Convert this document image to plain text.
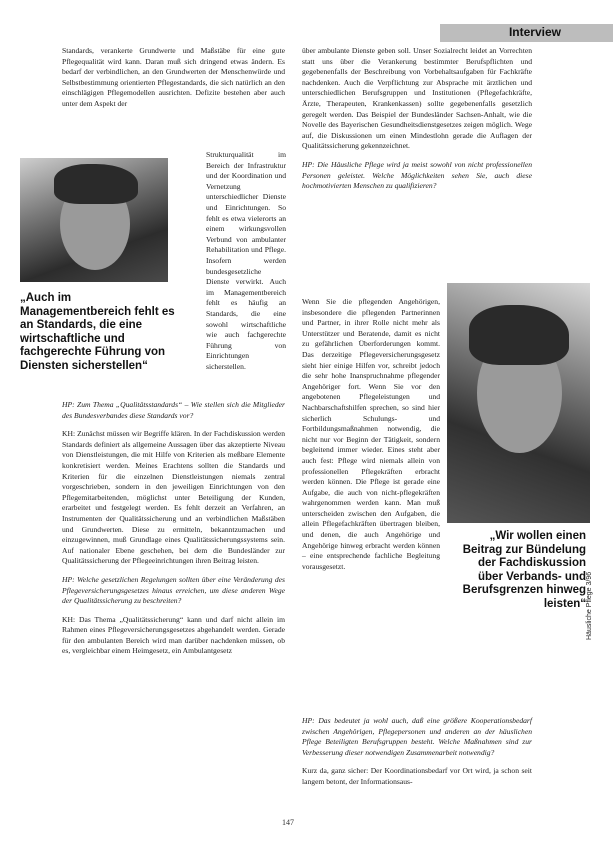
Interview

Standards, verankerte Grundwerte und Maßstäbe für eine gute Pflegequalität wird kann. Daran muß sich dringend etwas ändern. Es bedarf der verbindlichen, an den Grundwerten der Menschenwürde und Selbstbestimmung orientierten Pflegestandards, die sich natürlich an den einschlägigen Pflegemodellen ausrichten. Defizite bestehen aber auch unter dem Aspekt der

Strukturqualität im Bereich der Infrastruktur und der Koordination und Vernetzung unterschiedlicher Dienste und Einrichtungen. So fehlt es etwa vielerorts an einem wirkungsvollen Verbund von ambulanter Rehabilitation und Pflege. Insofern werden bundesgesetzliche Dienste verwirkt. Auch im Managementbereich fehlt es häufig an Standards, die eine sowohl wirtschaftliche wie auch fachgerechte Führung von Einrichtungen sicherstellen.
„Auch im Managementbereich fehlt es an Standards, die eine wirtschaftliche und fachgerechte Führung von Diensten sicherstellen“

HP: Zum Thema „Qualitätsstandards“ – Wie stellen sich die Mitglieder des Bundesverbandes diese Standards vor?

KH: Zunächst müssen wir Begriffe klären. In der Fachdiskussion werden Standards definiert als allgemeine Aussagen über das akzeptierte Niveau von Dienstleistungen, die mit Hilfe von Kriterien als meßbare Elemente konkretisiert werden. Meines Erachtens sollten die Standards und Kriterien für die einzelnen Dienstleistungen niemals zentral vorgeschrieben, sondern in den jeweiligen Einrichtungen von den Pflegemitarbeitenden, möglichst unter Beteiligung der Kunden, erarbeitet und festgelegt werden. Es fehlt derzeit an Verfahren, an Instrumenten der Qualitätssicherung und an verbindlichen Maßstäben und Grundwerten. Diese zu ermitteln, bekanntzumachen und einzugewinnen, muß Grundlage eines Qualitätssicherungssystems sein. Auf nationaler Ebene geschehen, bei dem die Bundesländer zur Qualitätssicherung der Pflegeeinrichtungen ihren Beitrag leisten.

HP: Welche gesetzlichen Regelungen sollten über eine Veränderung des Pflegeversicherungsgesetzes hinaus erreichen, um diese anderen Wege der Qualitätssicherung zu beschreiten?

KH: Das Thema „Qualitätssicherung“ kann und darf nicht allein im Rahmen eines Pflegeversicherungsgesetzes abgehandelt werden. Gerade für den ambulanten Bereich wird man darüber nachdenken müssen, ob es, vergleichbar einem Heimgesetz, ein Ambulantgesetz

über ambulante Dienste geben soll. Unser Sozialrecht leidet an Vorrechten statt uns über die Verankerung bestimmter Berufspflichten und gegebenenfalls der Beschreibung von Vorbehaltsaufgaben für Fachkräfte nachdenken. Auch die Verpflichtung zur Absprache mit ärztlichen und unterschiedlichen Berufsgruppen und Institutionen (Pflegefachkräfte, Ärzte, Therapeuten, Krankenkassen) sollte gegebenenfalls gesetzlich geregelt werden. Das Beispiel der Bundesländer Sachsen-Anhalt, wie die Novelle des Bayerischen Gesundheitsdienstgesetzes zeigen möglich. Wege auf, die Diskussionen um einen Mindestlohn gerade die Auflagen der Qualitätssicherung gekennzeichnet.

HP: Die Häusliche Pflege wird ja meist sowohl von nicht professionellen Personen geleistet. Welche Möglichkeiten sehen Sie, auch diese hochmotivierten Menschen zu qualifizieren?

Wenn Sie die pflegenden Angehörigen, insbesondere die pflegenden Partnerinnen und Partner, in ihrer Rolle nicht mehr als Unterstützer und Beratende, damit es nicht zu gefährlichen Überforderungen kommt. Das derzeitige Pflegeversicherungsgesetz sieht hier einige Hilfen vor, schreibt jedoch die sehr hohe Inanspruchnahme pflegender Angehöriger fort. Wenn Sie vor den angebotenen Pflegeleistungen und Nachbarschaftshilfen sprechen, so sind hier sicherlich Schulungs- und Fortbildungsmaßnahmen notwendig, die nicht nur vor Beginn der Tätigkeit, sondern begleitend immer wieder. Eines steht aber auch fest: Pflege wird niemals allein von professionellen Pflegekräften erbracht werden können. Die Pflege ist gerade eine Aufgabe, die auch von nicht-pflegekräften wahrgenommen werden kann. Man muß unterscheiden zwischen den Aufgaben, die allein Pflegefachkräften übertragen bleiben, und denen, die auch Angehörige und Angehörige hinweg erbracht werden können – eine entsprechende fachliche Begleitung vorausgesetzt.
„Wir wollen einen Beitrag zur Bündelung der Fachdiskussion über Verbands- und Berufsgrenzen hinweg leisten“

HP: Das bedeutet ja wohl auch, daß eine größere Kooperationsbedarf zwischen Angehörigen, Pflegepersonen und anderen an der häuslichen Pflege Beteiligten Berufsgruppen besteht. Welche Maßnahmen sind zur Verbesserung dieser notwendigen Zusammenarbeit notwendig?

Kurz da, ganz sicher: Der Koordinationsbedarf vor Ort wird, ja schon seit langem betont, der Informationsaus-

Häusliche Pflege 3/96
147
